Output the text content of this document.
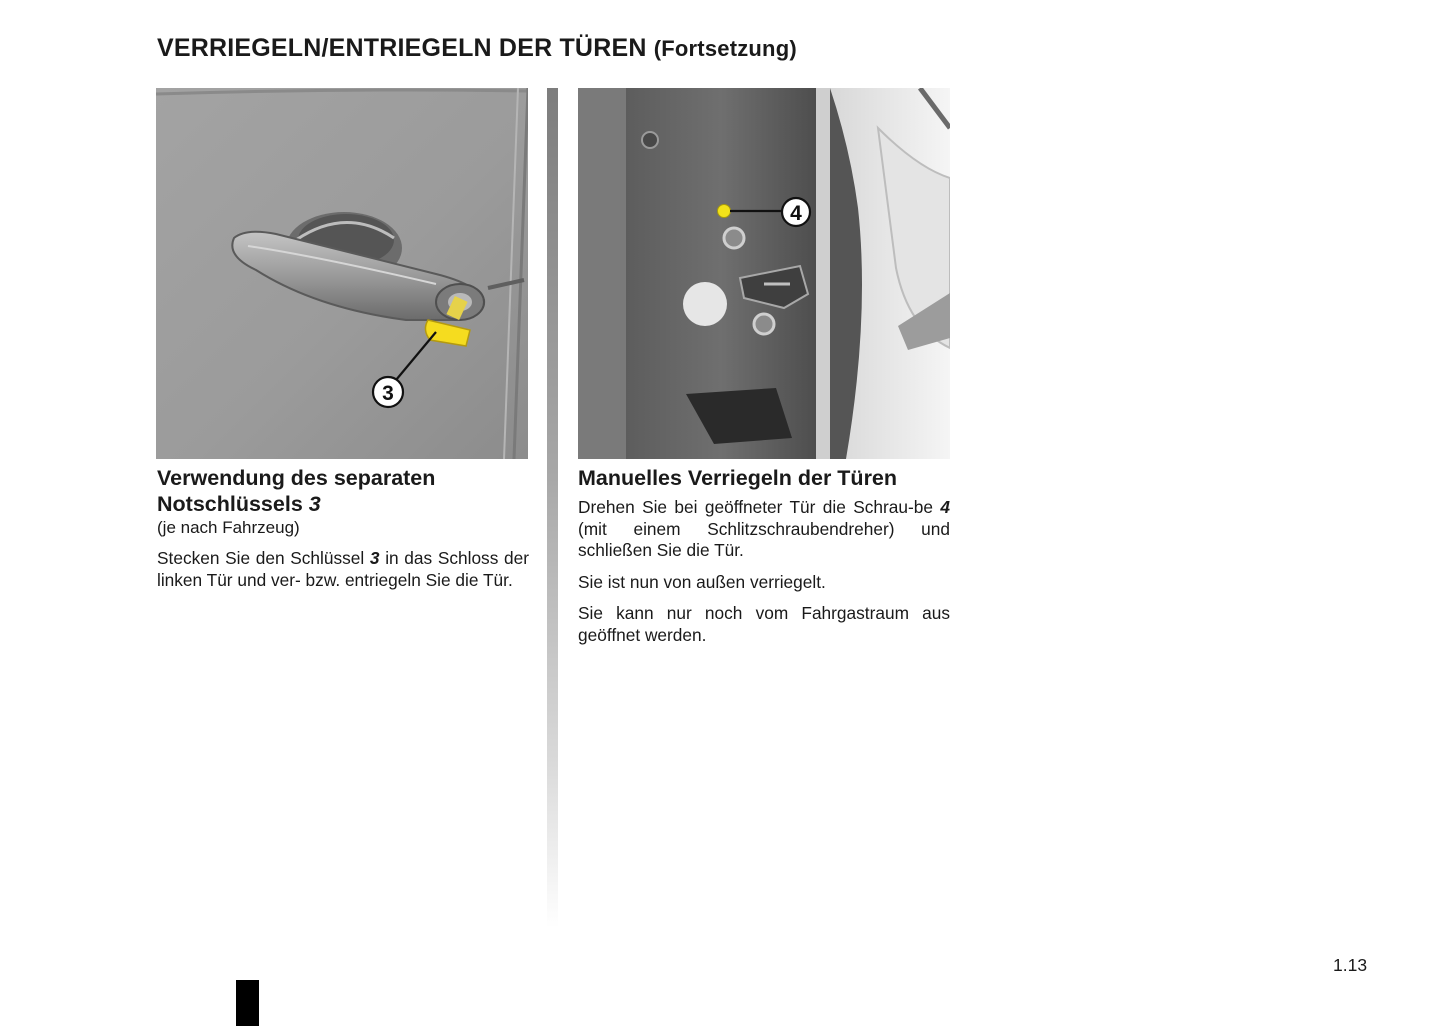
VERRIEGELN/ENTRIEGELN DER TÜREN (Fortsetzung)
3
4
Verwendung des separaten
Notschlüssels 3

(je nach Fahrzeug)

Stecken Sie den Schlüssel 3 in das Schloss der linken Tür und ver- bzw. entriegeln Sie die Tür.

Manuelles Verriegeln der Türen

Drehen Sie bei geöffneter Tür die Schrau-be 4 (mit einem Schlitzschraubendreher) und schließen Sie die Tür.

Sie ist nun von außen verriegelt.

Sie kann nur noch vom Fahrgastraum aus geöffnet werden.

1.13
